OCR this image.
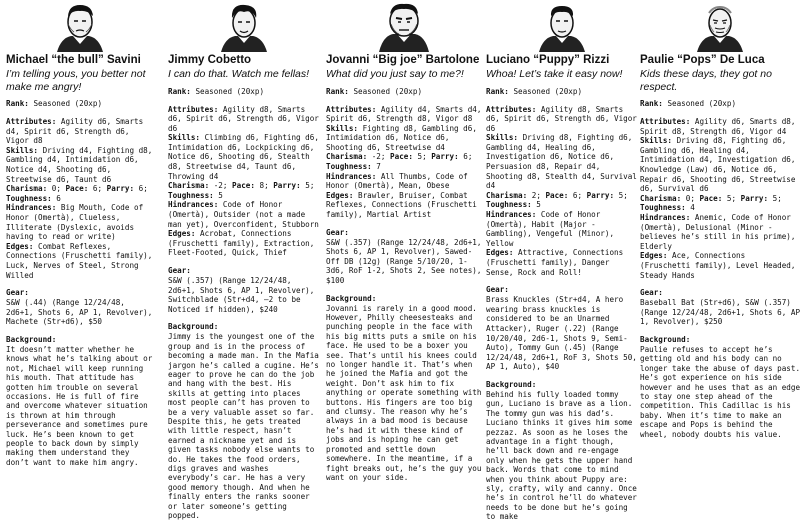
Michael “the bull” Savini
I’m telling yous, you better not make me angry!
Rank: Seasoned (20xp)

Attributes: Agility d6, Smarts d4, Spirit d6, Strength d6, Vigor d8

Skills: Driving d4, Fighting d8, Gambling d4, Intimidation d6, Notice d4, Shooting d6, Streetwise d6, Taunt d6

Charisma: 0; Pace: 6; Parry: 6;

Toughness: 6

Hindrances: Big Mouth, Code of Honor (Omertà), Clueless, Illiterate (Dyslexic, avoids having to read or write)

Edges: Combat Reflexes, Connections (Fruschetti family), Luck, Nerves of Steel, Strong Willed

Gear:
S&W (.44) (Range 12/24/48, 2d6+1, Shots 6, AP 1, Revolver), Machete (Str+d6), $50
Background:
It doesn’t matter whether he knows what he’s talking about or not, Michael will keep running his mouth. That attitude has gotten him trouble on several occasions. He is full of fire and overcome whatever situation is thrown at him through perseverance and sometimes pure luck. He’s been known to get people to back down by simply making them understand they don’t want to make him angry.
Jimmy Cobetto
I can do that. Watch me fellas!
Rank: Seasoned (20xp)

Attributes: Agility d8, Smarts d6, Spirit d6, Strength d6, Vigor d6

Skills: Climbing d6, Fighting d6, Intimidation d6, Lockpicking d6, Notice d6, Shooting d6, Stealth d8, Streetwise d4, Taunt d6, Throwing d4

Charisma: -2; Pace: 8; Parry: 5;

Toughness: 5

Hindrances: Code of Honor (Omertà), Outsider (not a made man yet), Overconfident, Stubborn

Edges: Acrobat, Connections (Fruschetti family), Extraction, Fleet-Footed, Quick, Thief

Gear:
S&W (.357) (Range 12/24/48, 2d6+1, Shots 6, AP 1, Revolver), Switchblade (Str+d4, –2 to be Noticed if hidden), $240
Background:
Jimmy is the youngest one of the group and is in the process of becoming a made man. In the Mafia jargon he’s called a cugine. He’s eager to prove he can do the job and hang with the best. His skills at getting into places most people can’t has proven to be a very valuable asset so far. Despite this, he gets treated with little respect, hasn’t earned a nickname yet and is given tasks nobody else wants to do. He takes the food orders, digs graves and washes everybody’s car. He has a very good memory though. And when he finally enters the ranks sooner or later someone’s getting popped.
Jovanni “Big joe” Bartolone
What did you just say to me?!
Rank: Seasoned (20xp)

Attributes: Agility d4, Smarts d4, Spirit d6, Strength d8, Vigor d8

Skills: Fighting d8, Gambling d6, Intimidation d6, Notice d6, Shooting d6, Streetwise d4

Charisma: -2; Pace: 5; Parry: 6;

Toughness: 7

Hindrances: All Thumbs, Code of Honor (Omertà), Mean, Obese

Edges: Brawler, Bruiser, Combat Reflexes, Connections (Fruschetti family), Martial Artist

Gear:
S&W (.357) (Range 12/24/48, 2d6+1, Shots 6, AP 1, Revolver), Sawed-Off DB (12g) (Range 5/10/20, 1-3d6, RoF 1-2, Shots 2, See notes), $100
Background:
Jovanni is rarely in a good mood. However, Philly cheesesteaks and punching people in the face with his big mitts puts a smile on his face. He used to be a boxer you see. That’s until his knees could no longer handle it. That’s when he joined the Mafia and got the weight. Don’t ask him to fix anything or operate something with buttons. His fingers are too big and clumsy. The reason why he’s always in a bad mood is because he’s had it with these kind of jobs and is hoping he can get promoted and settle down somewhere. In the meantime, if a fight breaks out, he’s the guy you want on your side.
Luciano “Puppy” Rizzi
Whoa! Let’s take it easy now!
Rank: Seasoned (20xp)

Attributes: Agility d8, Smarts d6, Spirit d6, Strength d6, Vigor d6

Skills: Driving d8, Fighting d6, Gambling d4, Healing d6, Investigation d6, Notice d6, Persuasion d8, Repair d4, Shooting d8, Stealth d4, Survival d4

Charisma: 2; Pace: 6; Parry: 5;

Toughness: 5

Hindrances: Code of Honor (Omertà), Habit (Major - Gambling), Vengeful (Minor), Yellow

Edges: Attractive, Connections (Fruschetti family), Danger Sense, Rock and Roll!

Gear:
Brass Knuckles (Str+d4, A hero wearing brass knuckles is considered to be an Unarmed Attacker), Ruger (.22) (Range 10/20/40, 2d6-1, Shots 9, Semi-Auto), Tommy Gun (.45) (Range 12/24/48, 2d6+1, RoF 3, Shots 50, AP 1, Auto), $40
Background:
Behind his fully loaded tommy gun, Luciano is brave as a lion. The tommy gun was his dad’s. Luciano thinks it gives him some pezzaz. As soon as he loses the advantage in a fight though, he’ll back down and re-engage only when he gets the upper hand back. Words that come to mind when you think about Puppy are: sly, crafty, wily and canny. Once he’s in control he’ll do whatever needs to be done but he’s going to make
Paulie “Pops” De Luca
Kids these days, they got no respect.
Rank: Seasoned (20xp)

Attributes: Agility d6, Smarts d8, Spirit d8, Strength d6, Vigor d4

Skills: Driving d8, Fighting d6, Gambling d6, Healing d4, Intimidation d4, Investigation d6, Knowledge (Law) d6, Notice d6, Repair d6, Shooting d6, Streetwise d6, Survival d6

Charisma: 0; Pace: 5; Parry: 5;

Toughness: 4

Hindrances: Anemic, Code of Honor (Omertà), Delusional (Minor - believes he’s still in his prime), Elderly

Edges: Ace, Connections (Fruschetti family), Level Headed, Steady Hands

Gear:
Baseball Bat (Str+d6), S&W (.357) (Range 12/24/48, 2d6+1, Shots 6, AP 1, Revolver), $250
Background:
Paulie refuses to accept he’s getting old and his body can no longer take the abuse of days past. He’s got experience on his side however and he uses that as an edge to stay one step ahead of the competition. This Cadillac is his baby. When it’s time to make an escape and Pops is behind the wheel, nobody doubts his value.
